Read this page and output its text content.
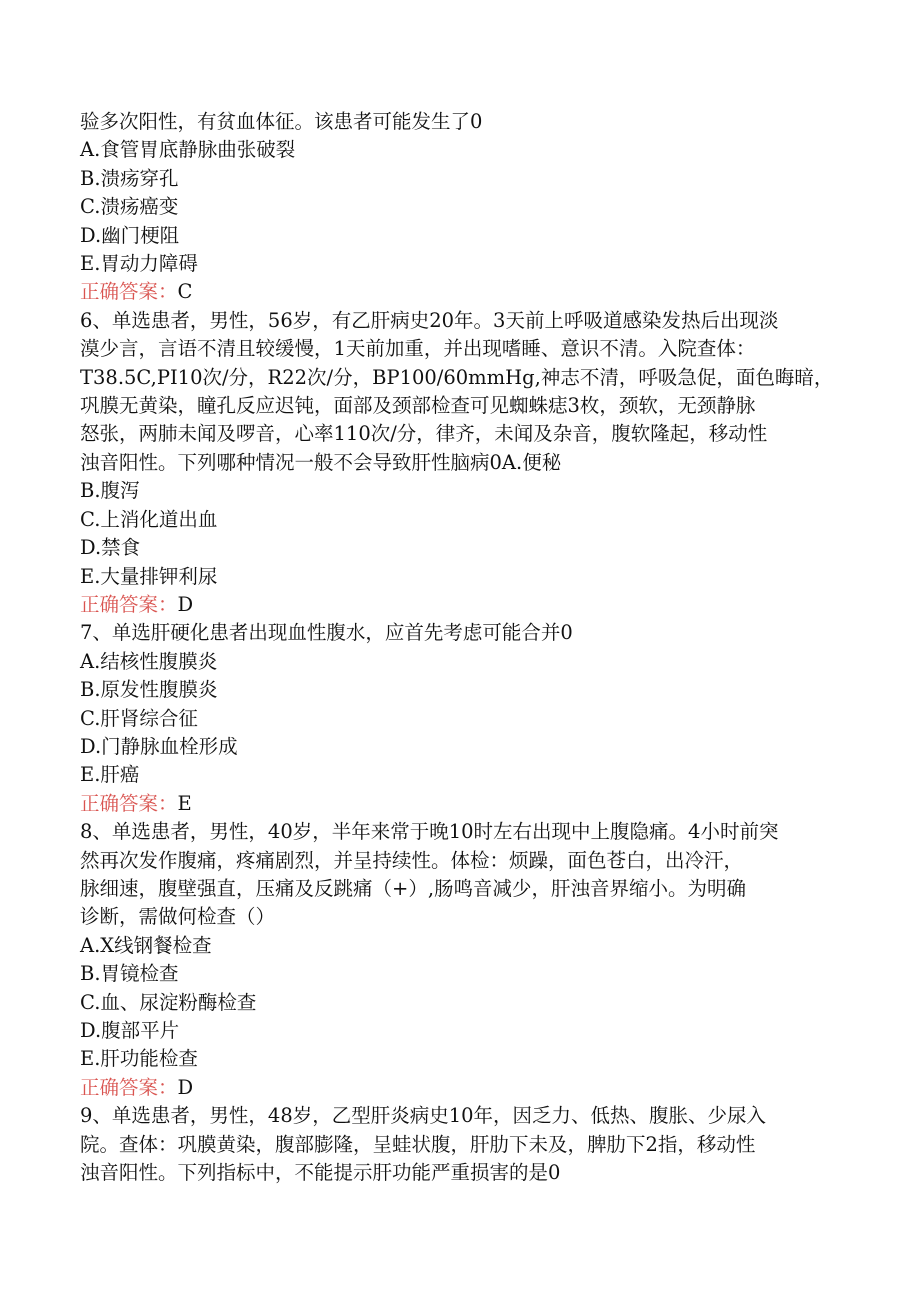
验多次阳性，有贫血体征。该患者可能发生了0
A.食管胃底静脉曲张破裂
B.溃疡穿孔
C.溃疡癌变
D.幽门梗阻
E.胃动力障碍
正确答案：C
6、单选患者，男性，56岁，有乙肝病史20年。3天前上呼吸道感染发热后出现淡
漠少言，言语不清且较缓慢，1天前加重，并出现嗜睡、意识不清。入院查体：
T38.5C,PI10次/分，R22次/分，BP100/60mmHg,神志不清，呼吸急促，面色晦暗，
巩膜无黄染，瞳孔反应迟钝，面部及颈部检查可见蜘蛛痣3枚，颈软，无颈静脉
怒张，两肺未闻及啰音，心率110次/分，律齐，未闻及杂音，腹软隆起，移动性
浊音阳性。下列哪种情况一般不会导致肝性脑病0A.便秘
B.腹泻
C.上消化道出血
D.禁食
E.大量排钾利尿
正确答案：D
7、单选肝硬化患者出现血性腹水，应首先考虑可能合并0
A.结核性腹膜炎
B.原发性腹膜炎
C.肝肾综合征
D.门静脉血栓形成
E.肝癌
正确答案：E
8、单选患者，男性，40岁，半年来常于晚10时左右出现中上腹隐痛。4小时前突
然再次发作腹痛，疼痛剧烈，并呈持续性。体检：烦躁，面色苍白，出冷汗，
脉细速，腹壁强直，压痛及反跳痛（+）,肠鸣音减少，肝浊音界缩小。为明确
诊断，需做何检查（）
A.X线钢餐检查
B.胃镜检查
C.血、尿淀粉酶检查
D.腹部平片
E.肝功能检查
正确答案：D
9、单选患者，男性，48岁，乙型肝炎病史10年，因乏力、低热、腹胀、少尿入
院。查体：巩膜黄染，腹部膨隆，呈蛙状腹，肝肋下未及，脾肋下2指，移动性
浊音阳性。下列指标中，不能提示肝功能严重损害的是0
